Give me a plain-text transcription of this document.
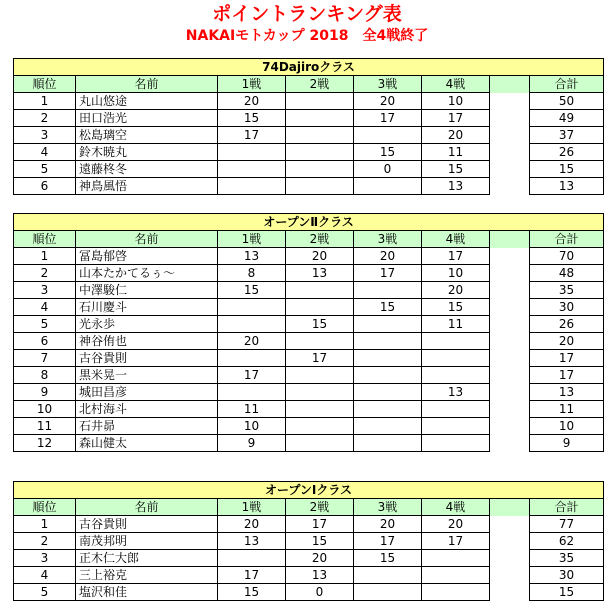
ポイントランキング表
NAKAIモトカップ 2018　全4戦終了
74Dajiroクラス							
順位	名前	1戦	2戦	3戦	4戦		合計
1	丸山悠途	20		20	10		50
2	田口浩光	15		17	17		49
3	松島璃空	17			20		37
4	鈴木暁丸			15	11		26
5	遠藤柊冬			0	15		15
6	神鳥風悟				13		13
オープンⅡクラス							
順位	名前	1戦	2戦	3戦	4戦		合計
1	冨島郁啓	13	20	20	17		70
2	山本たかてるぅ〜	8	13	17	10		48
3	中澤駿仁	15			20		35
4	石川慶斗			15	15		30
5	光永歩		15		11		26
6	神谷侑也	20					20
7	古谷貴則		17				17
8	黒米晃一	17					17
9	城田昌彦				13		13
10	北村海斗	11					11
11	石井昴	10					10
12	森山健太	9					9
オープンⅠクラス							
順位	名前	1戦	2戦	3戦	4戦		合計
1	古谷貴則	20	17	20	20		77
2	南茂邦明	13	15	17	17		62
3	正木仁大郎		20	15			35
4	三上裕克	17	13				30
5	塩沢和佳	15	0				15
